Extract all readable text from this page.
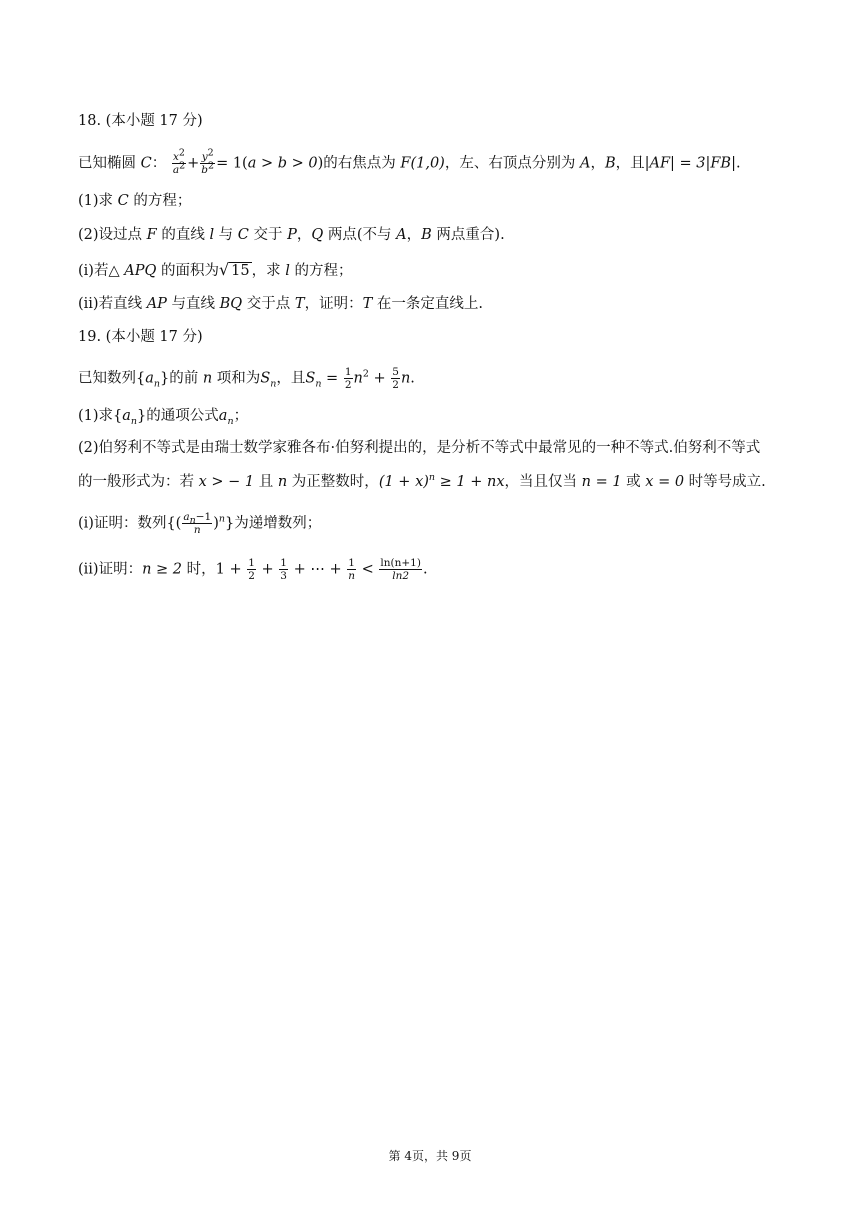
18. (本小题 17 分)
已知椭圆 C： $\frac{x^2}{a^2} + \frac{y^2}{b^2} = 1(a > b > 0)$的右焦点为 F(1,0)，左、右顶点分别为 A，B，且|AF| = 3|FB|.
(1)求 C 的方程；
(2)设过点 F 的直线 l 与 C 交于 P，Q 两点(不与 A，B 两点重合).
(ⅰ)若△ APQ 的面积为√ 15 ，求 l 的方程；
(ⅱ)若直线 AP 与直线 BQ 交于点 T，证明：T 在一条定直线上.
19. (本小题 17 分)
已知数列$\{a_n\}$的前 n 项和为$S_n$，且$S_n = \frac{1}{2} n^2 + \frac{5}{2} n$.
(1)求$\{a_n\}$的通项公式$a_n$；
(2)伯努利不等式是由瑞士数学家雅各布·伯努利提出的，是分析不等式中最常见的一种不等式.伯努利不等式
的一般形式为：若 x > − 1 且 n 为正整数时，$(1 + x)^n \ge 1$ + nx，当且仅当 n = 1 或 x = 0 时等号成立.
(ⅰ)证明：数列{( $\frac{a_n-1}{n} )^n$}为递增数列；
(ⅱ)证明：n ≥ 2 时，$1 + \frac{1}{2} + \frac{1}{3}$ + ⋯ + $\frac{1}{n} < \frac{\ln(n+1)}{\ln 2}$ .
第 4页，共 9页
